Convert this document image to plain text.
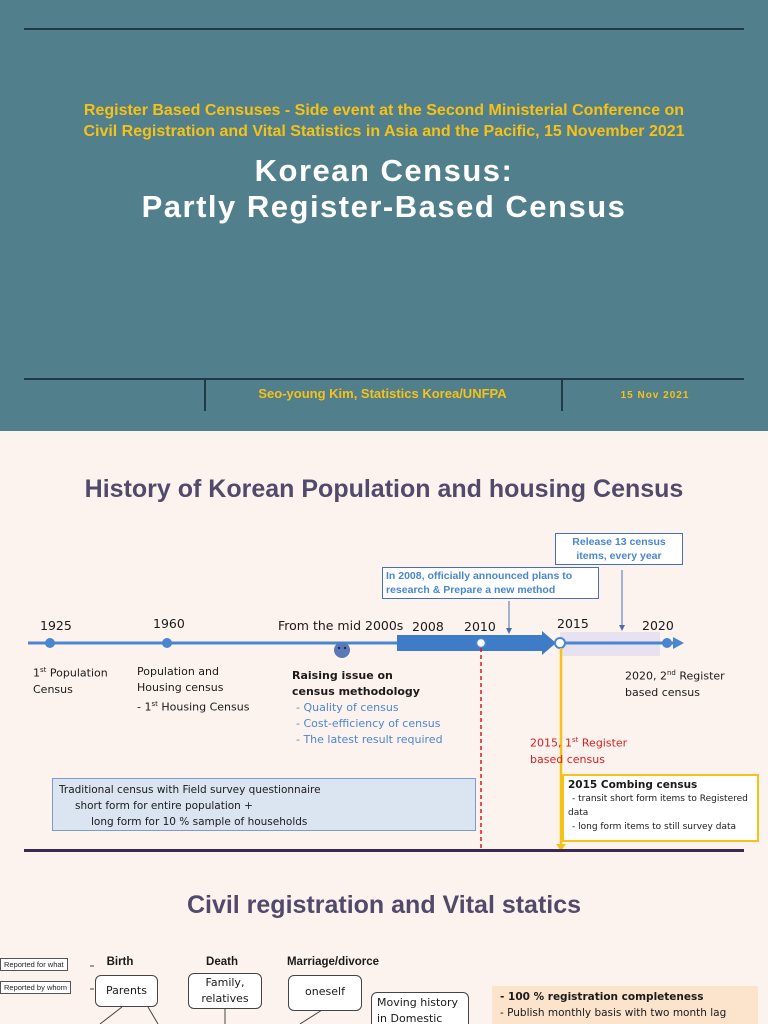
Register Based Censuses - Side event at the Second Ministerial Conference on
Civil Registration and Vital Statistics in Asia and the Pacific, 15 November 2021
Korean Census:
Partly Register-Based Census
Seo-young Kim, Statistics Korea/UNFPA	15 Nov 2021
History of Korean Population and housing Census
1925	1960	From the mid 2000s 2008 2010	2015	2020
Release 13 census
items, every year
In 2008, officially announced plans to
research & Prepare a new method
1st Population
Census
Population and
Housing census
- 1st Housing Census
Raising issue on
census methodology
- Quality of census
- Cost-efficiency of census
- The latest result required
2020, 2nd Register
based census
2015, 1st Register
based census
Traditional census with Field survey questionnaire
short form for entire population +
long form for 10 % sample of households
2015 Combing census
- transit short form items to Registered
data
- long form items to still survey data
Civil registration and Vital statics
Reported for what
Reported by whom
Birth	Death	Marriage/divorce
Parents
Family,
relatives
oneself
Moving history
in Domestic
- 100 % registration completeness
- Publish monthly basis with two month lag
